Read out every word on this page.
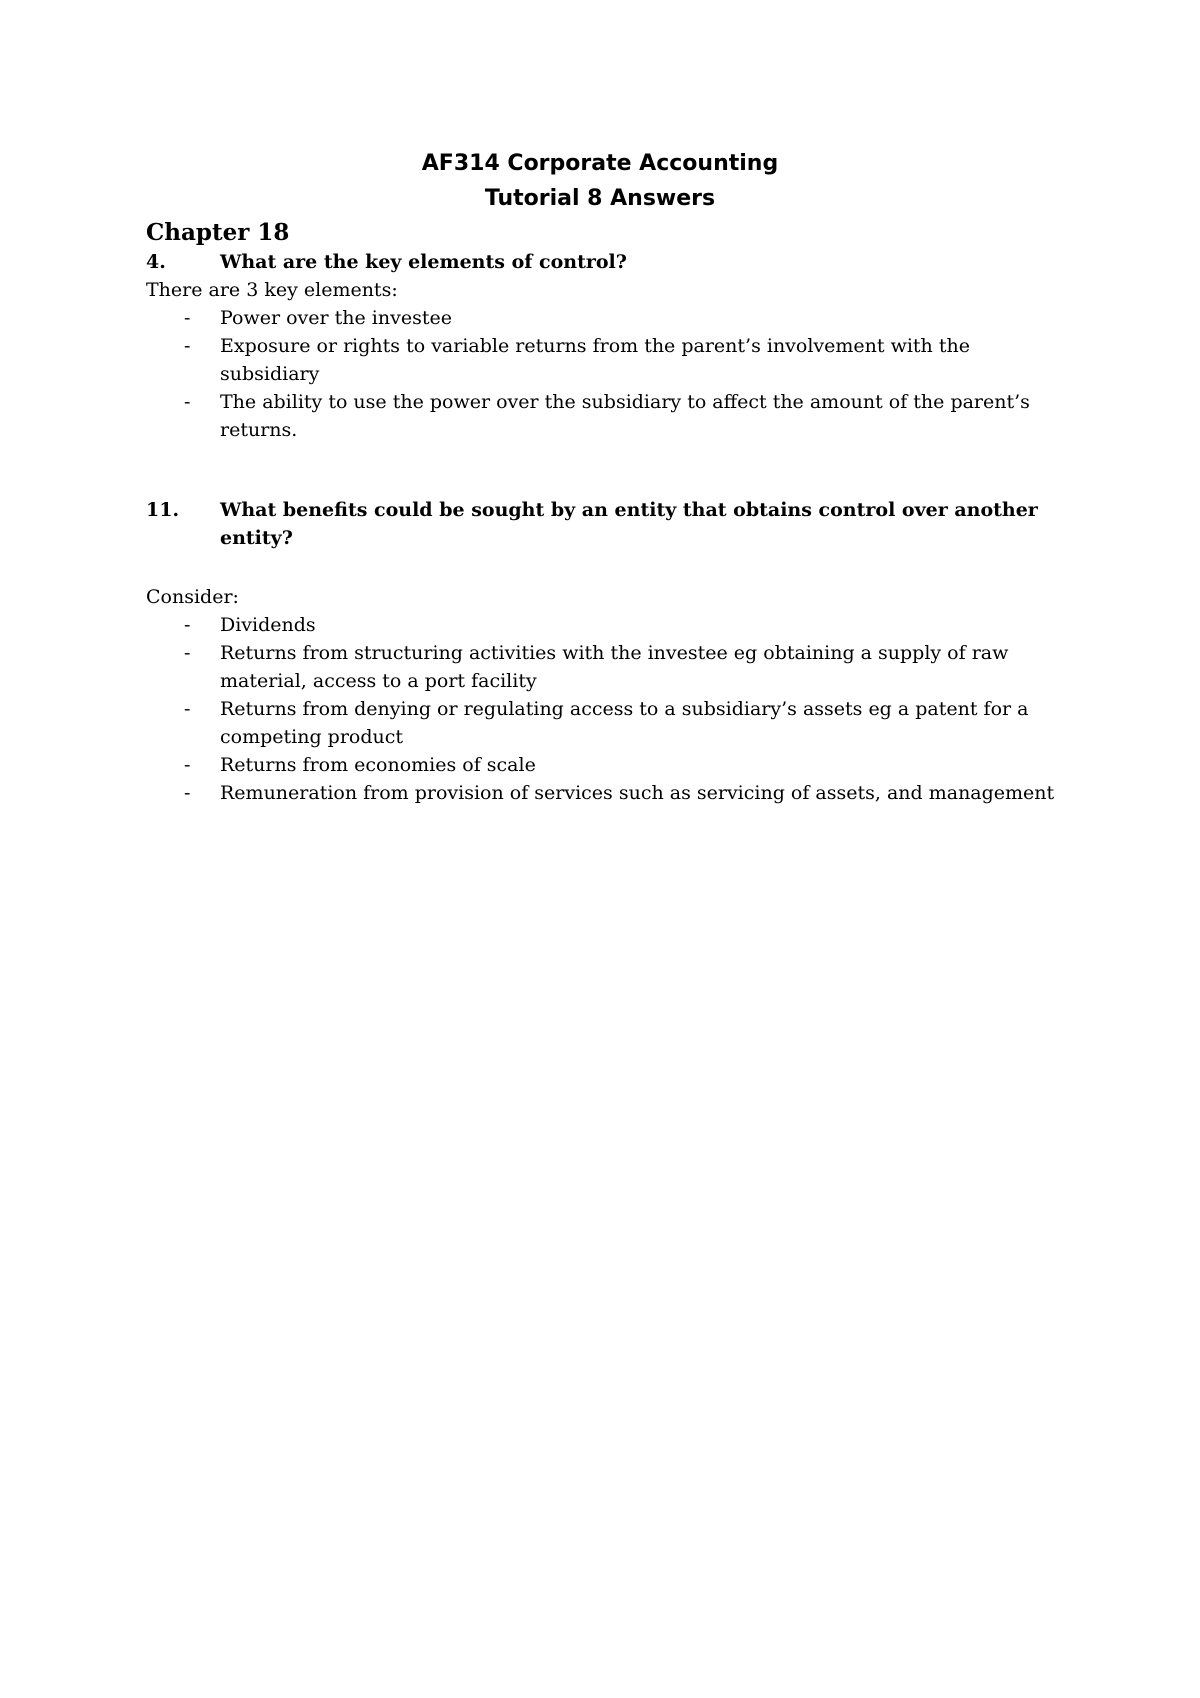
AF314 Corporate Accounting
Tutorial 8 Answers
Chapter 18
4.	What are the key elements of control?
There are 3 key elements:
- Power over the investee
- Exposure or rights to variable returns from the parent’s involvement with the subsidiary
- The ability to use the power over the subsidiary to affect the amount of the parent’s returns.
11. What benefits could be sought by an entity that obtains control over another entity?
Consider:
- Dividends
- Returns from structuring activities with the investee eg obtaining a supply of raw material, access to a port facility
- Returns from denying or regulating access to a subsidiary’s assets eg a patent for a competing product
- Returns from economies of scale
- Remuneration from provision of services such as servicing of assets, and management
